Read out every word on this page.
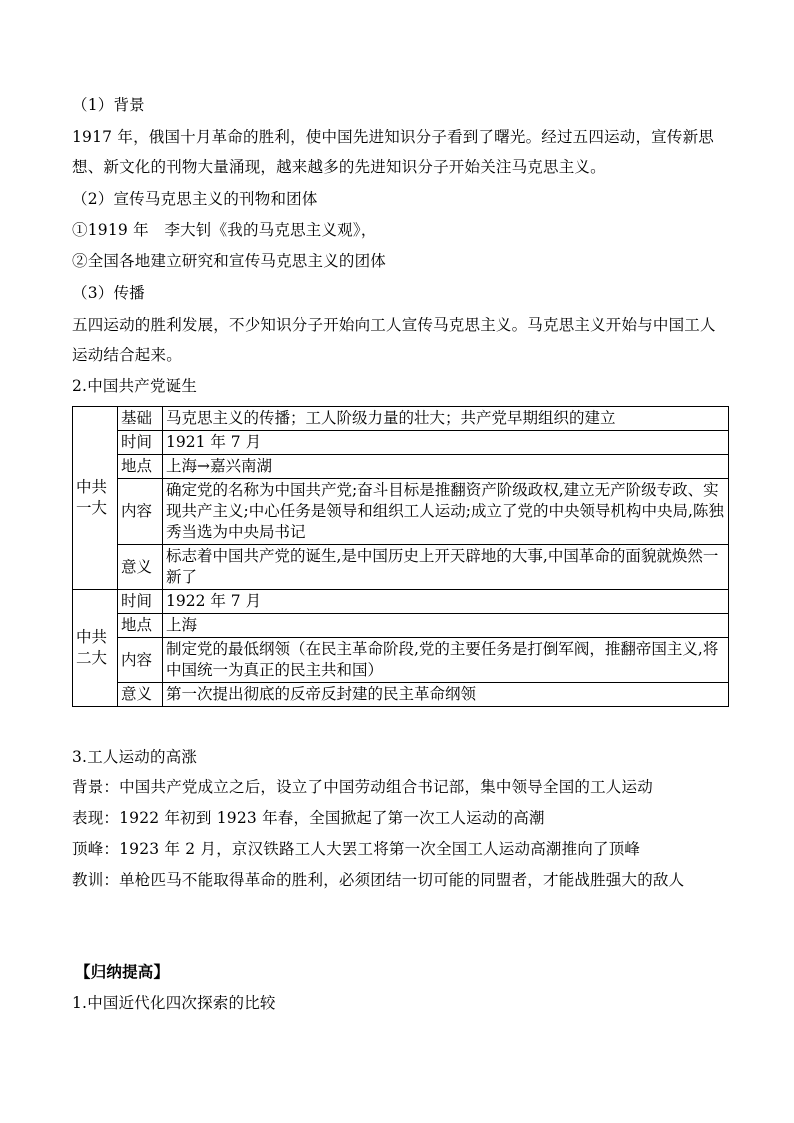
（1）背景
1917 年，俄国十月革命的胜利，使中国先进知识分子看到了曙光。经过五四运动，宣传新思
想、新文化的刊物大量涌现，越来越多的先进知识分子开始关注马克思主义。
（2）宣传马克思主义的刊物和团体
①1919 年　李大钊《我的马克思主义观》，
②全国各地建立研究和宣传马克思主义的团体
（3）传播
五四运动的胜利发展，不少知识分子开始向工人宣传马克思主义。马克思主义开始与中国工人
运动结合起来。
2.中国共产党诞生
中共一大	基础	马克思主义的传播；工人阶级力量的壮大；共产党早期组织的建立
	时间	1921 年 7 月
	地点	上海→嘉兴南湖
	内容	确定党的名称为中国共产党;奋斗目标是推翻资产阶级政权,建立无产阶级专政、实现共产主义;中心任务是领导和组织工人运动;成立了党的中央领导机构中央局,陈独秀当选为中央局书记
	意义	标志着中国共产党的诞生,是中国历史上开天辟地的大事,中国革命的面貌就焕然一新了
中共二大	时间	1922 年 7 月
	地点	上海
	内容	制定党的最低纲领（在民主革命阶段,党的主要任务是打倒军阀，推翻帝国主义,将中国统一为真正的民主共和国）
	意义	第一次提出彻底的反帝反封建的民主革命纲领
3.工人运动的高涨
背景：中国共产党成立之后，设立了中国劳动组合书记部，集中领导全国的工人运动
表现：1922 年初到 1923 年春，全国掀起了第一次工人运动的高潮
顶峰：1923 年 2 月，京汉铁路工人大罢工将第一次全国工人运动高潮推向了顶峰
教训：单枪匹马不能取得革命的胜利，必须团结一切可能的同盟者，才能战胜强大的敌人
【归纳提高】
1.中国近代化四次探索的比较
